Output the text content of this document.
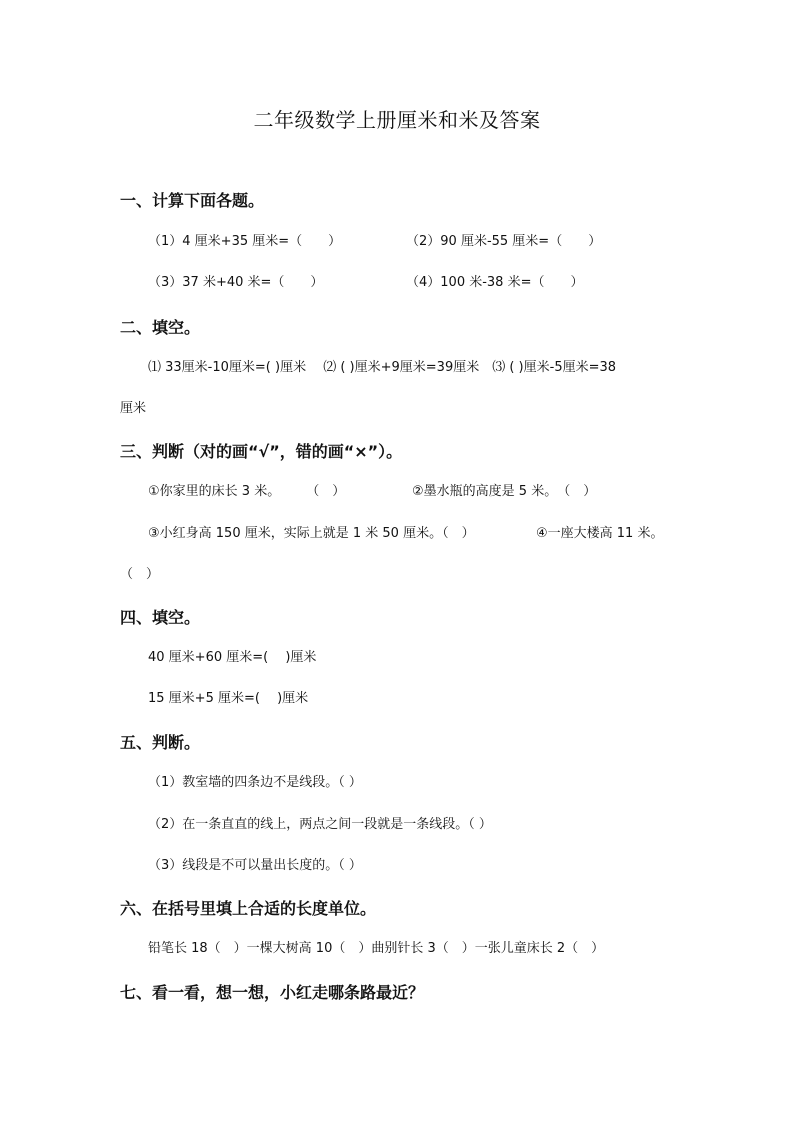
二年级数学上册厘米和米及答案
一、计算下面各题。
（1）4 厘米+35 厘米=（　　）	（2）90 厘米-55 厘米=（　　）
（3）37 米+40 米=（　　）	（4）100 米-38 米=（　　）
二、填空。
⑴ 33厘米-10厘米=( )厘米　 ⑵ ( )厘米+9厘米=39厘米　⑶ ( )厘米-5厘米=38
厘米
三、判断（对的画“√”，错的画“×”）。
①你家里的床长 3 米。　　　（　）	②墨水瓶的高度是 5 米。　（　）
③小红身高 150 厘米，实际上就是 1 米 50 厘米。（　）	④一座大楼高 11 米。
（　）
四、填空。
40 厘米+60 厘米=(　 )厘米
15 厘米+5 厘米=(　 )厘米
五、判断。
（1）教室墙的四条边不是线段。（ ）
（2）在一条直直的线上，两点之间一段就是一条线段。（ ）
（3）线段是不可以量出长度的。（ ）
六、在括号里填上合适的长度单位。
铅笔长 18（　）一棵大树高 10（　）曲别针长 3（　）一张儿童床长 2（　）
七、看一看，想一想，小红走哪条路最近？
